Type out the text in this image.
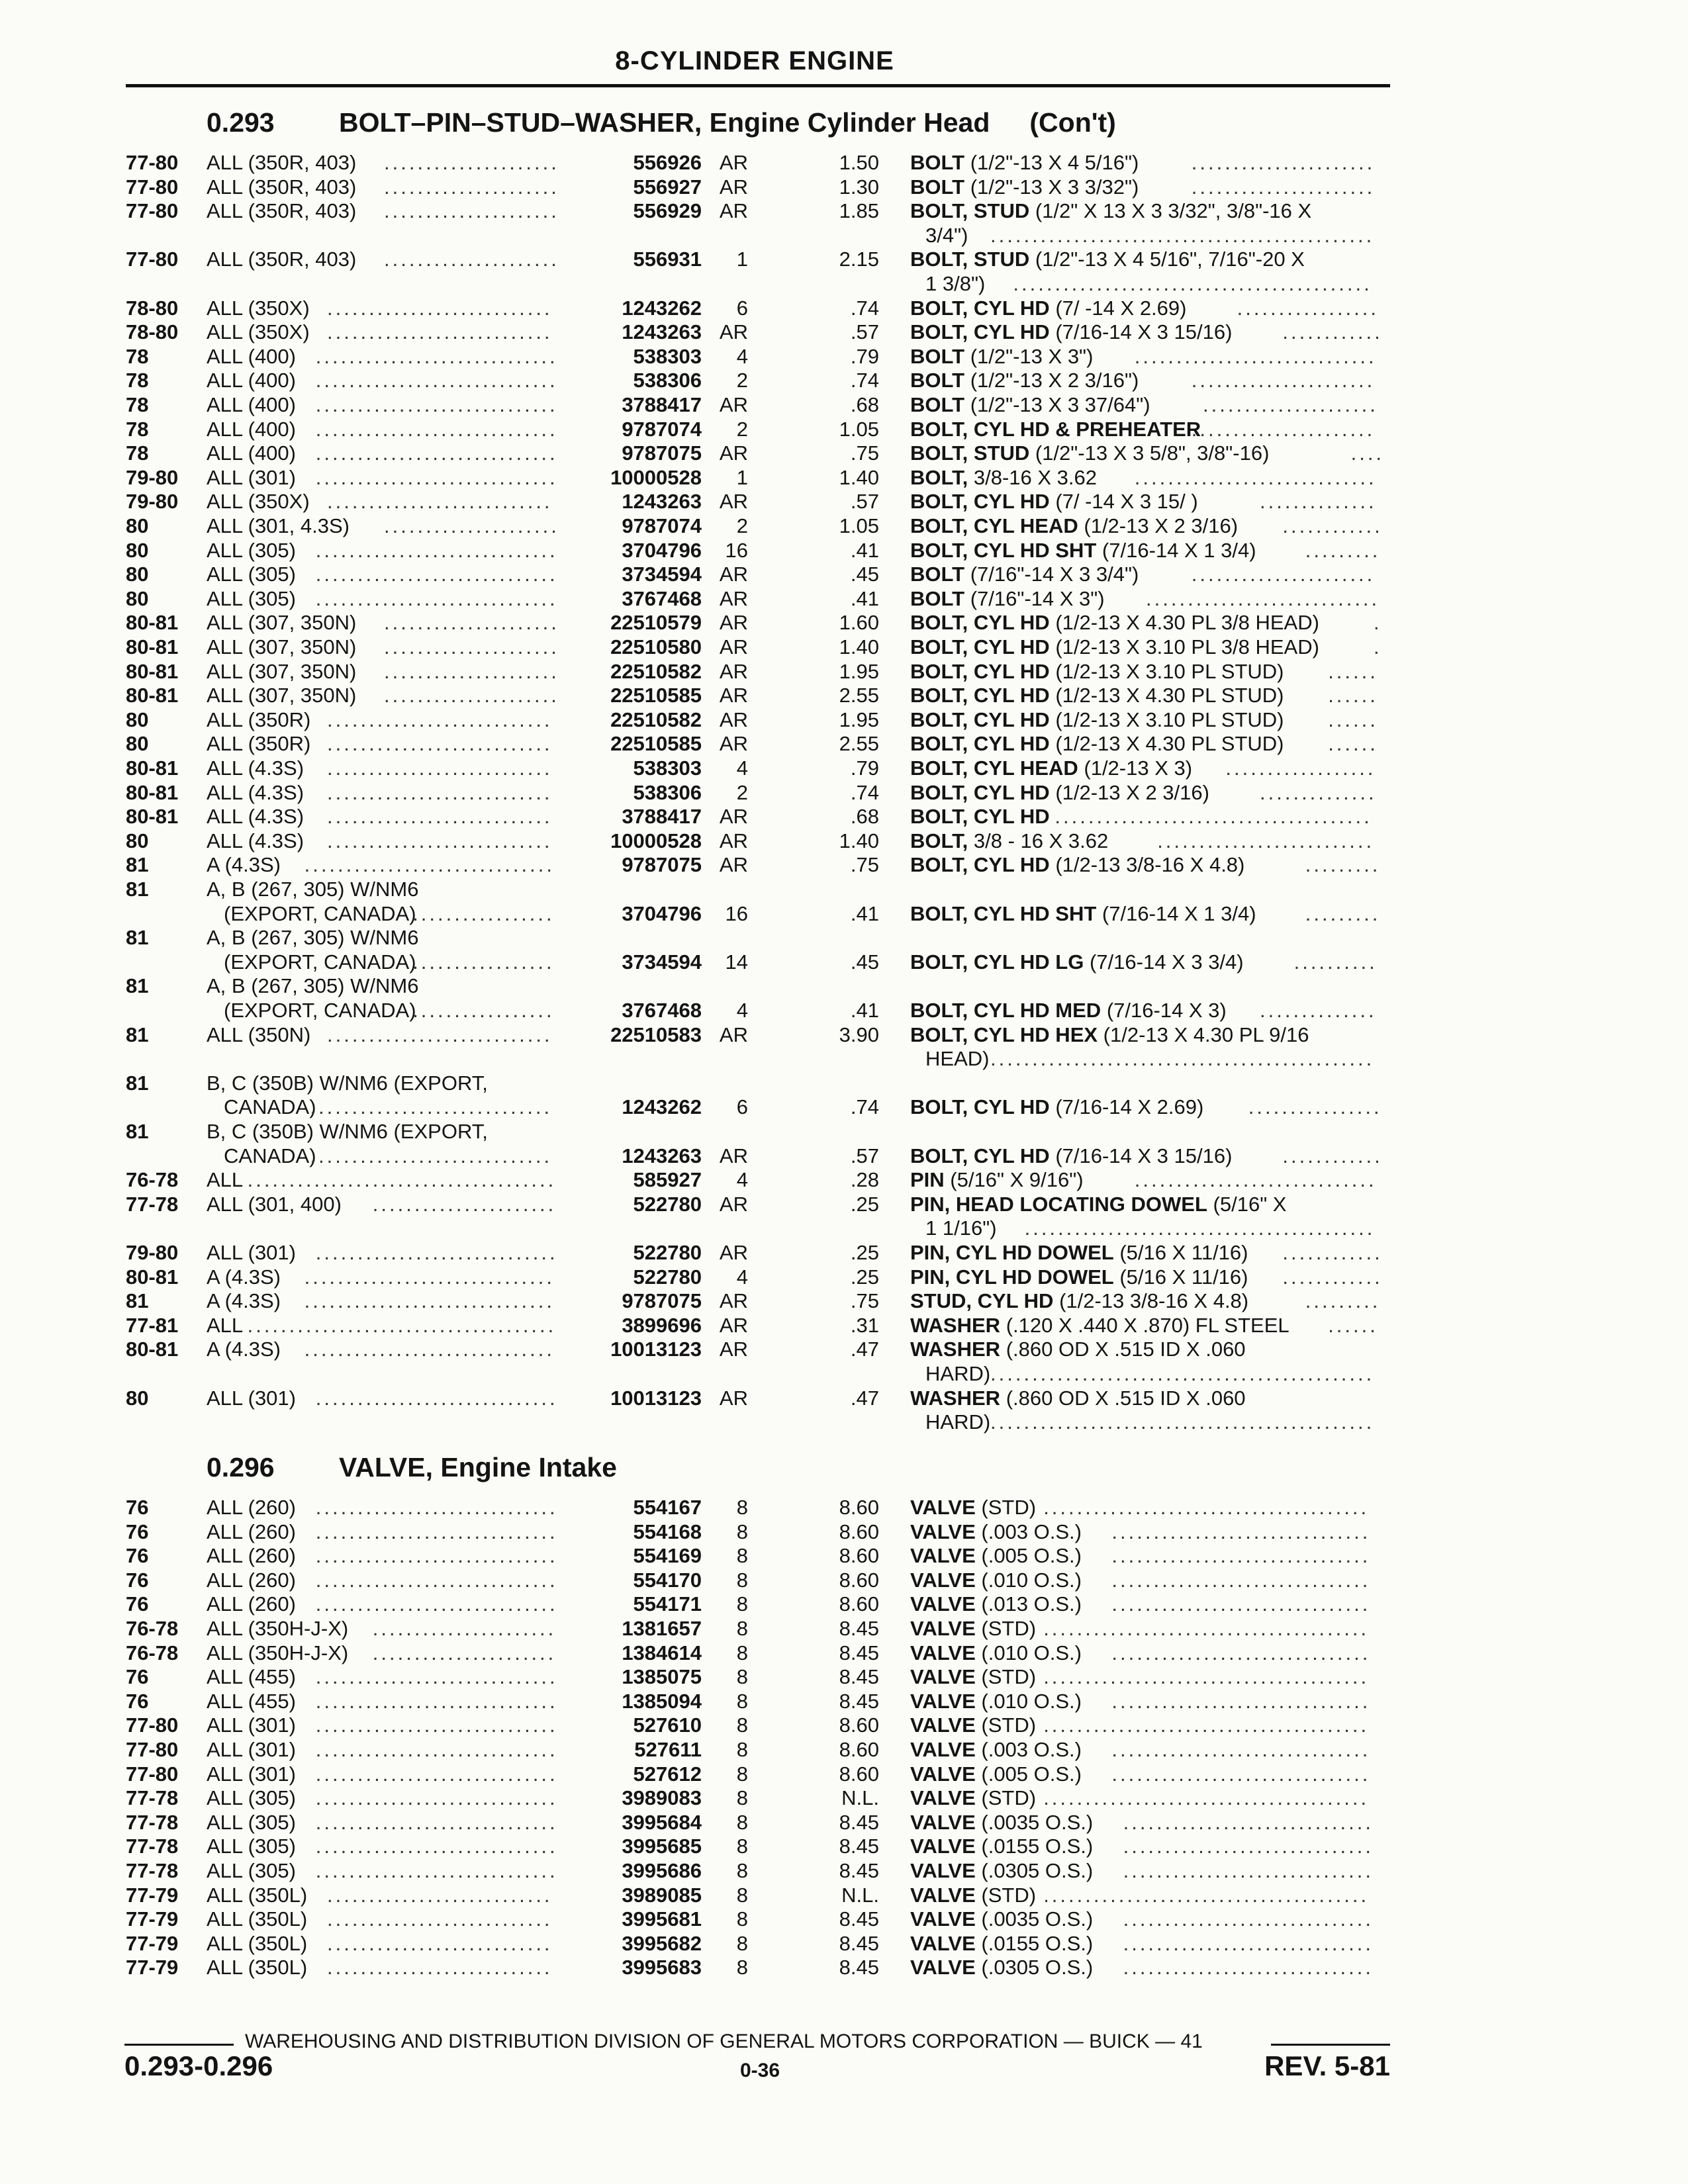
8-CYLINDER ENGINE
0.293 BOLT–PIN–STUD–WASHER, Engine Cylinder Head (Con't)
77-80 ALL (350R, 403) .....................	556926 AR	1.50 BOLT (1/2"-13 X 4 5/16")	......................
77-80 ALL (350R, 403) .....................	556927 AR	1.30 BOLT (1/2"-13 X 3 3/32")	......................
77-80 ALL (350R, 403) .....................	556929 AR	1.85 BOLT, STUD (1/2" X 13 X 3 3/32", 3/8"-16 X
3/4") ..............................................
77-80 ALL (350R, 403) .....................	556931 1	2.15 BOLT, STUD (1/2"-13 X 4 5/16", 7/16"-20 X
1 3/8") ...........................................
78-80 ALL (350X) ...........................	1243262 6	.74 BOLT, CYL HD (7/ -14 X 2.69) .................
78-80 ALL (350X) ...........................	1243263 AR	.57 BOLT, CYL HD (7/16-14 X 3 15/16) ............
78	ALL (400) .............................	538303 4	.79 BOLT (1/2"-13 X 3") .............................
78	ALL (400) .............................	538306 2	.74 BOLT (1/2"-13 X 2 3/16")	......................
78	ALL (400) .............................	3788417 AR	.68 BOLT (1/2"-13 X 3 37/64")	.....................
78	ALL (400) .............................	9787074 2	1.05 BOLT, CYL HD & PREHEATER
......................
78	ALL (400) .............................	9787075 AR	.75 BOLT, STUD (1/2"-13 X 3 5/8", 3/8"-16)	....
79-80 ALL (301) .............................	10000528 1	1.40 BOLT, 3/8-16 X 3.62 .............................
79-80 ALL (350X) ...........................	1243263 AR	.57 BOLT, CYL HD (7/ -14 X 3 15/ )	..............
80	ALL (301, 4.3S) .....................	9787074 2	1.05 BOLT, CYL HEAD (1/2-13 X 2 3/16) ............
80	ALL (305) .............................	3704796 16	.41 BOLT, CYL HD SHT (7/16-14 X 1 3/4) .........
80	ALL (305) .............................	3734594 AR	.45 BOLT (7/16"-14 X 3 3/4")	......................
80	ALL (305) .............................	3767468 AR	.41 BOLT (7/16"-14 X 3") ............................
80-81 ALL (307, 350N) ..................... 22510579 AR	1.60 BOLT, CYL HD (1/2-13 X 4.30 PL 3/8 HEAD)	.
80-81 ALL (307, 350N) ..................... 22510580 AR	1.40 BOLT, CYL HD (1/2-13 X 3.10 PL 3/8 HEAD)	.
80-81 ALL (307, 350N) ..................... 22510582 AR	1.95 BOLT, CYL HD (1/2-13 X 3.10 PL STUD) ......
80-81 ALL (307, 350N) ..................... 22510585 AR	2.55 BOLT, CYL HD (1/2-13 X 4.30 PL STUD) ......
80	ALL (350R) ...........................	22510582 AR	1.95 BOLT, CYL HD (1/2-13 X 3.10 PL STUD) ......
80	ALL (350R) ...........................	22510585 AR	2.55 BOLT, CYL HD (1/2-13 X 4.30 PL STUD) ......
80-81 ALL (4.3S) ...........................	538303 4	.79 BOLT, CYL HEAD (1/2-13 X 3) ..................
80-81 ALL (4.3S) ...........................	538306 2	.74 BOLT, CYL HD (1/2-13 X 2 3/16) ..............
80-81 ALL (4.3S) ...........................	3788417 AR	.68 BOLT, CYL HD ......................................
80	ALL (4.3S) ...........................	10000528 AR	1.40 BOLT, 3/8 - 16 X 3.62 ..........................
81	A (4.3S) ..............................	9787075 AR	.75 BOLT, CYL HD (1/2-13 3/8-16 X 4.8)	.........
81	A, B (267, 305) W/NM6
(EXPORT, CANADA)
.................	3704796 16	.41 BOLT, CYL HD SHT (7/16-14 X 1 3/4) .........
81	A, B (267, 305) W/NM6
(EXPORT, CANADA)
.................	3734594 14	.45 BOLT, CYL HD LG (7/16-14 X 3 3/4) ..........
81	A, B (267, 305) W/NM6
(EXPORT, CANADA)
.................	3767468 4	.41 BOLT, CYL HD MED (7/16-14 X 3) ..............
81	ALL (350N) ...........................	22510583 AR	3.90 BOLT, CYL HD HEX (1/2-13 X 4.30 PL 9/16
HEAD) ..............................................
81	B, C (350B) W/NM6 (EXPORT,
CANADA)
.............................	1243262 6	.74 BOLT, CYL HD (7/16-14 X 2.69) ................
81	B, C (350B) W/NM6 (EXPORT,
CANADA)
.............................	1243263 AR	.57 BOLT, CYL HD (7/16-14 X 3 15/16) ............
76-78 ALL .....................................	585927 4	.28 PIN (5/16" X 9/16") .............................
77-78 ALL (301, 400) ......................	522780 AR	.25 PIN, HEAD LOCATING DOWEL (5/16" X
1 1/16") ..........................................
79-80 ALL (301) .............................	522780 AR	.25 PIN, CYL HD DOWEL (5/16 X 11/16) ............
80-81 A (4.3S) ..............................	522780 4	.25 PIN, CYL HD DOWEL (5/16 X 11/16) ............
81	A (4.3S) ..............................	9787075 AR	.75 STUD, CYL HD (1/2-13 3/8-16 X 4.8)	.........
77-81 ALL .....................................	3899696 AR	.31 WASHER (.120 X .440 X .870) FL STEEL ......
80-81 A (4.3S) ..............................	10013123 AR	.47 WASHER (.860 OD X .515 ID X .060
HARD) ..............................................
80	ALL (301) .............................	10013123 AR	.47 WASHER (.860 OD X .515 ID X .060
HARD) ..............................................
0.296 VALVE, Engine Intake
76	ALL (260) .............................	554167 8	8.60 VALVE (STD) .......................................
76	ALL (260) .............................	554168 8	8.60 VALVE (.003 O.S.) ...............................
76	ALL (260) .............................	554169 8	8.60 VALVE (.005 O.S.) ...............................
76	ALL (260) .............................	554170 8	8.60 VALVE (.010 O.S.) ...............................
76	ALL (260) .............................	554171 8	8.60 VALVE (.013 O.S.) ...............................
76-78 ALL (350H-J-X) ......................	1381657 8	8.45 VALVE (STD) .......................................
76-78 ALL (350H-J-X) ......................	1384614 8	8.45 VALVE (.010 O.S.) ...............................
76	ALL (455) .............................	1385075 8	8.45 VALVE (STD) .......................................
76	ALL (455) .............................	1385094 8	8.45 VALVE (.010 O.S.) ...............................
77-80 ALL (301) .............................	527610 8	8.60 VALVE (STD) .......................................
77-80 ALL (301) .............................	527611 8	8.60 VALVE (.003 O.S.) ...............................
77-80 ALL (301) .............................	527612 8	8.60 VALVE (.005 O.S.) ...............................
77-78 ALL (305) .............................	3989083 8	N.L. VALVE (STD) .......................................
77-78 ALL (305) .............................	3995684 8	8.45 VALVE (.0035 O.S.) ..............................
77-78 ALL (305) .............................	3995685 8	8.45 VALVE (.0155 O.S.) ..............................
77-78 ALL (305) .............................	3995686 8	8.45 VALVE (.0305 O.S.) ..............................
77-79 ALL (350L) ...........................	3989085 8	N.L. VALVE (STD) .......................................
77-79 ALL (350L) ...........................	3995681 8	8.45 VALVE (.0035 O.S.) ..............................
77-79 ALL (350L) ...........................	3995682 8	8.45 VALVE (.0155 O.S.) ..............................
77-79 ALL (350L) ...........................	3995683 8	8.45 VALVE (.0305 O.S.) ..............................
WAREHOUSING AND DISTRIBUTION DIVISION OF GENERAL MOTORS CORPORATION — BUICK — 41
0.293-0.296	0-36	REV. 5-81
